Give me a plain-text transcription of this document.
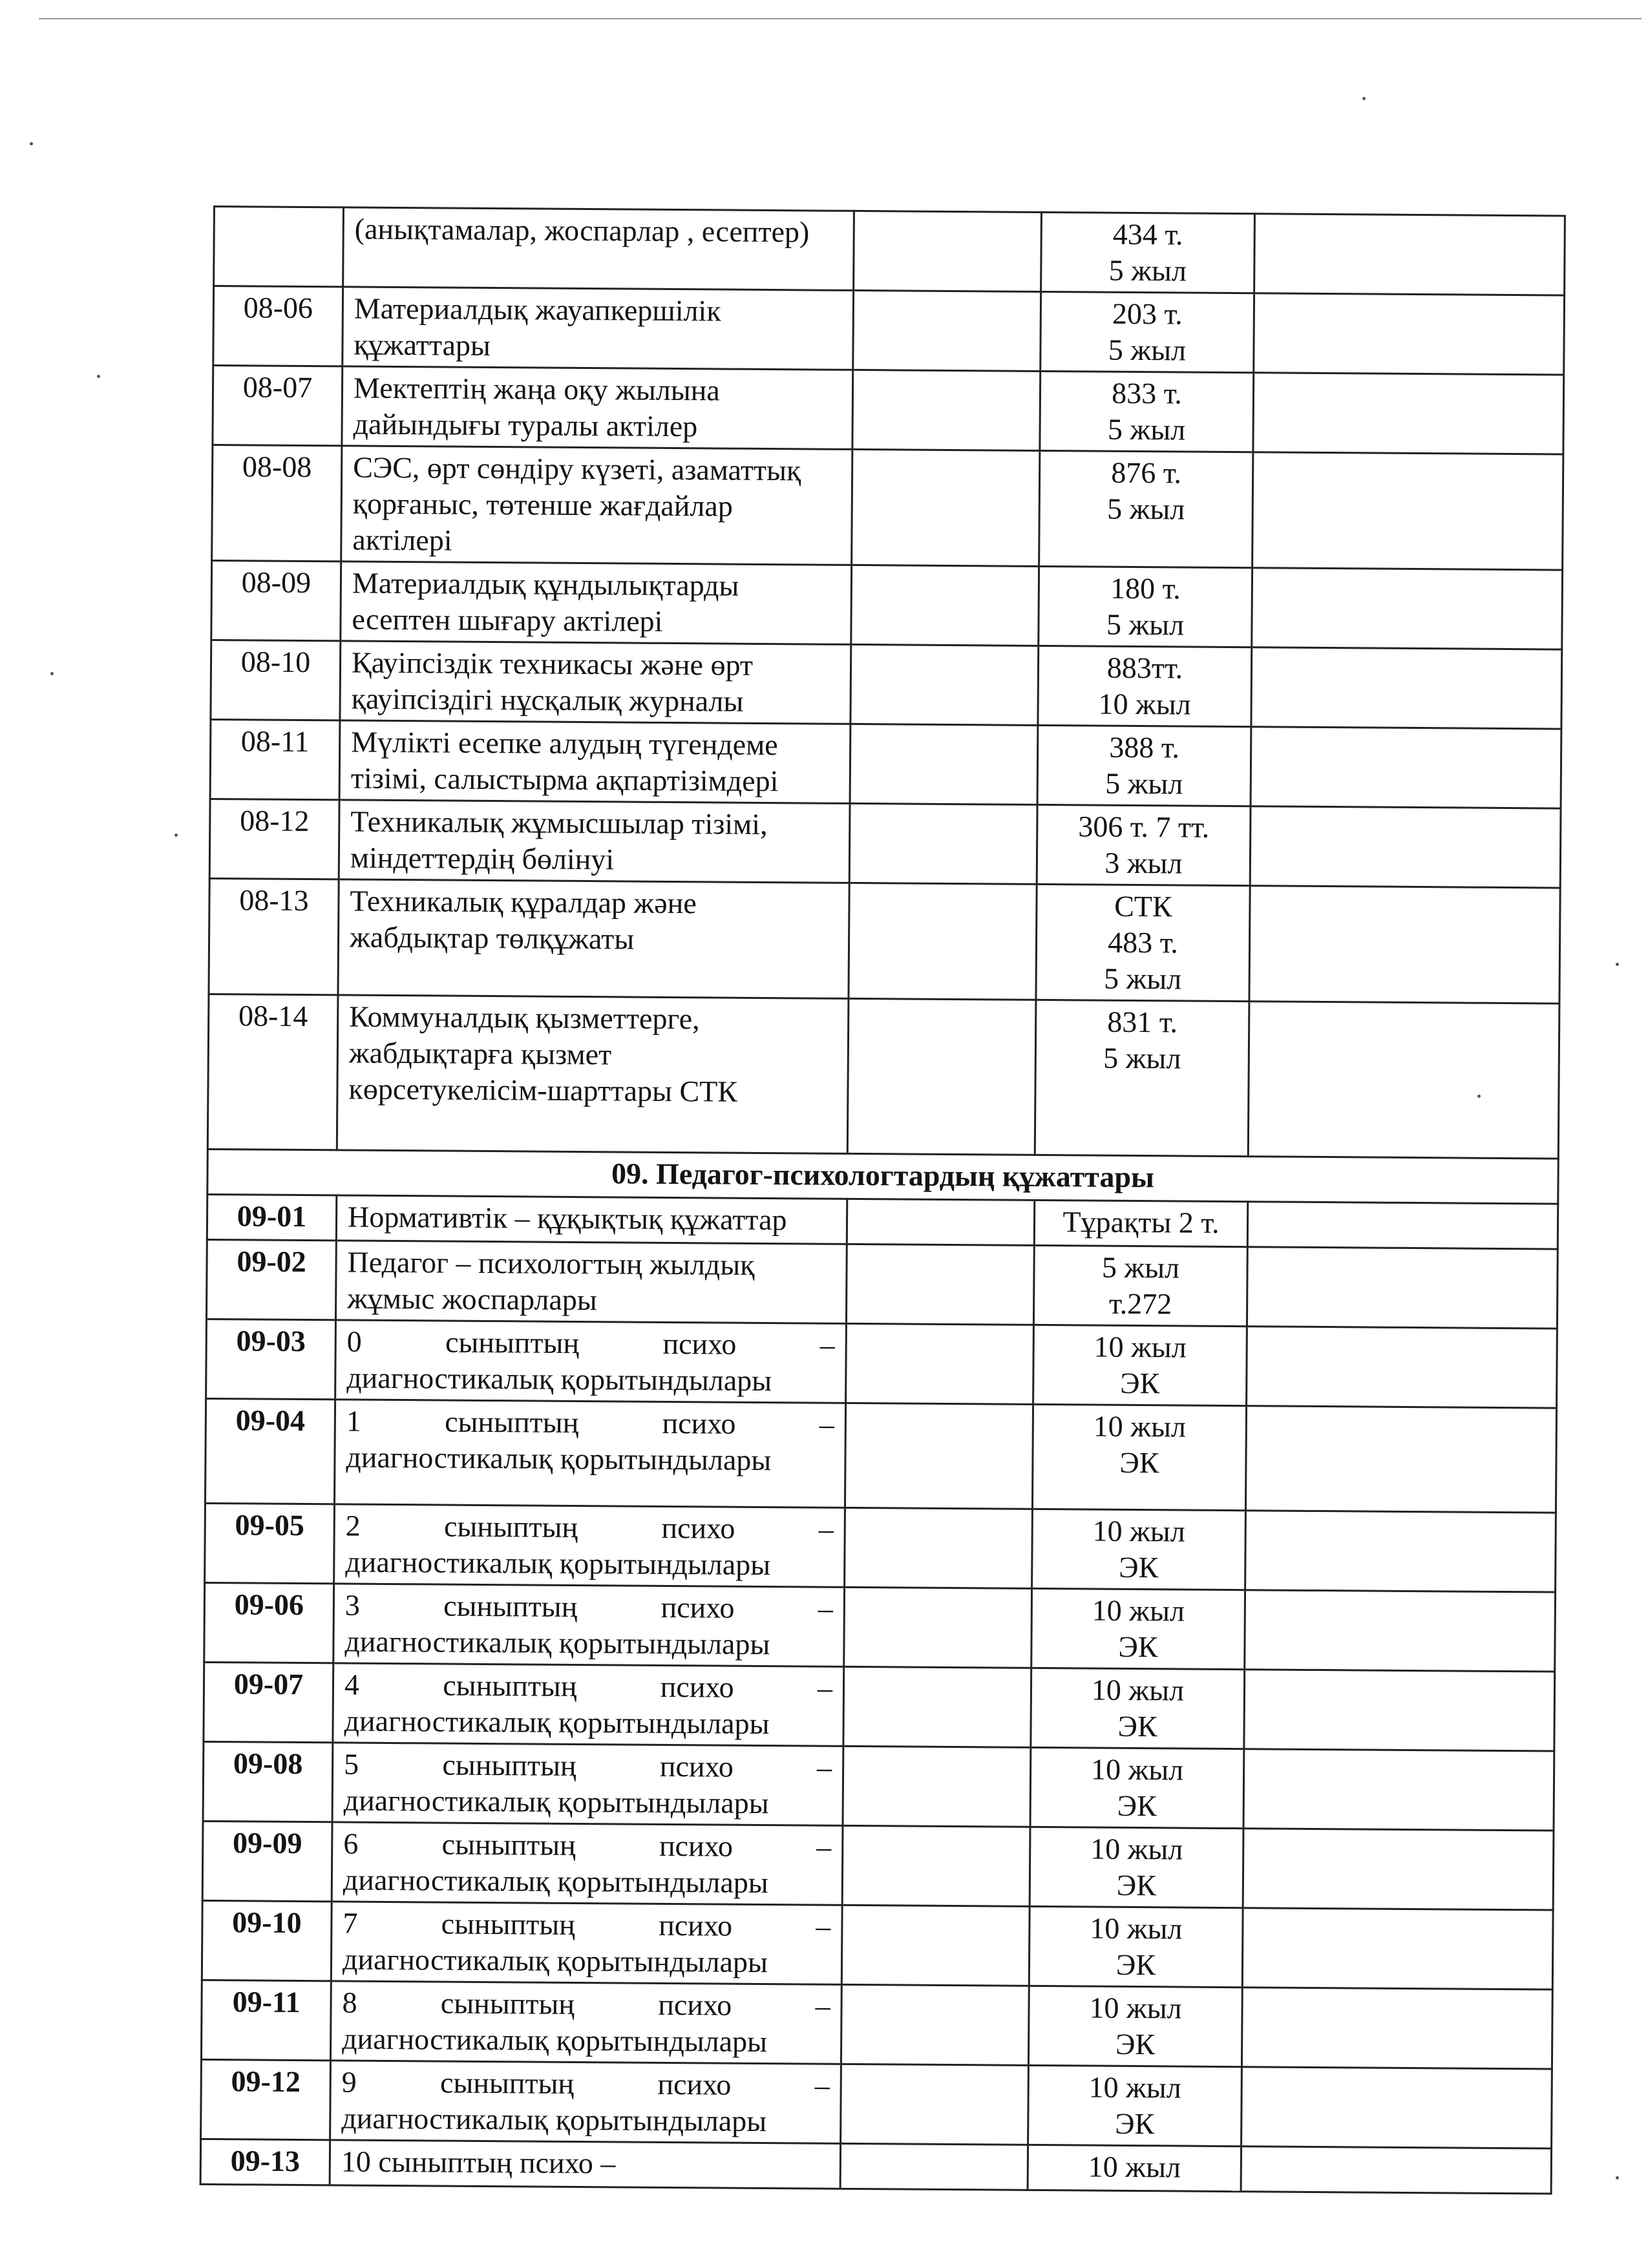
	(анықтамалар, жоспарлар , есептер)		434 т.
5 жыл	

08-06	Материалдық жауапкершілік
құжаттары		203 т.
5 жыл	

08-07	Мектептің жаңа оқу жылына
дайындығы туралы актілер		833 т.
5 жыл	

08-08	СЭС, өрт сөндіру күзеті, азаматтық
қорғаныс, төтенше жағдайлар
актілері		876 т.
5 жыл	

08-09	Материалдық құндылықтарды
есептен шығару актілері		180 т.
5 жыл	

08-10	Қауіпсіздік техникасы және өрт
қауіпсіздігі нұсқалық журналы		883тт.
10 жыл	

08-11	Мүлікті есепке алудың түгендеме
тізімі, салыстырма ақпартізімдері		388 т.
5 жыл	

08-12	Техникалық жұмысшылар тізімі,
міндеттердің бөлінуі		306 т. 7 тт.
3 жыл	

08-13	Техникалық құралдар және
жабдықтар төлқұжаты		СТК
483 т.
5 жыл	

08-14	Коммуналдық қызметтерге,
жабдықтарға қызмет
көрсетукелісім-шарттары СТК		831 т.
5 жыл	

09. Педагог-психологтардың құжаттары				
09-01	Нормативтік – құқықтық құжаттар		Тұрақты 2 т.	

09-02	Педагог – психологтың жылдық
жұмыс жоспарлары		5 жыл
т.272	

09-03	0 сыныптың психо –
диагностикалық қорытындылары		10 жыл
ЭК	

09-04	1 сыныптың психо –
диагностикалық қорытындылары		10 жыл
ЭК	

09-05	2 сыныптың психо –
диагностикалық қорытындылары		10 жыл
ЭК	

09-06	3 сыныптың психо –
диагностикалық қорытындылары		10 жыл
ЭК	

09-07	4 сыныптың психо –
диагностикалық қорытындылары		10 жыл
ЭК	

09-08	5 сыныптың психо –
диагностикалық қорытындылары		10 жыл
ЭК	

09-09	6 сыныптың психо –
диагностикалық қорытындылары		10 жыл
ЭК	

09-10	7 сыныптың психо –
диагностикалық қорытындылары		10 жыл
ЭК	

09-11	8 сыныптың психо –
диагностикалық қорытындылары		10 жыл
ЭК	

09-12	9 сыныптың психо –
диагностикалық қорытындылары		10 жыл
ЭК	

09-13	10 сыныптың психо –		10 жыл	
